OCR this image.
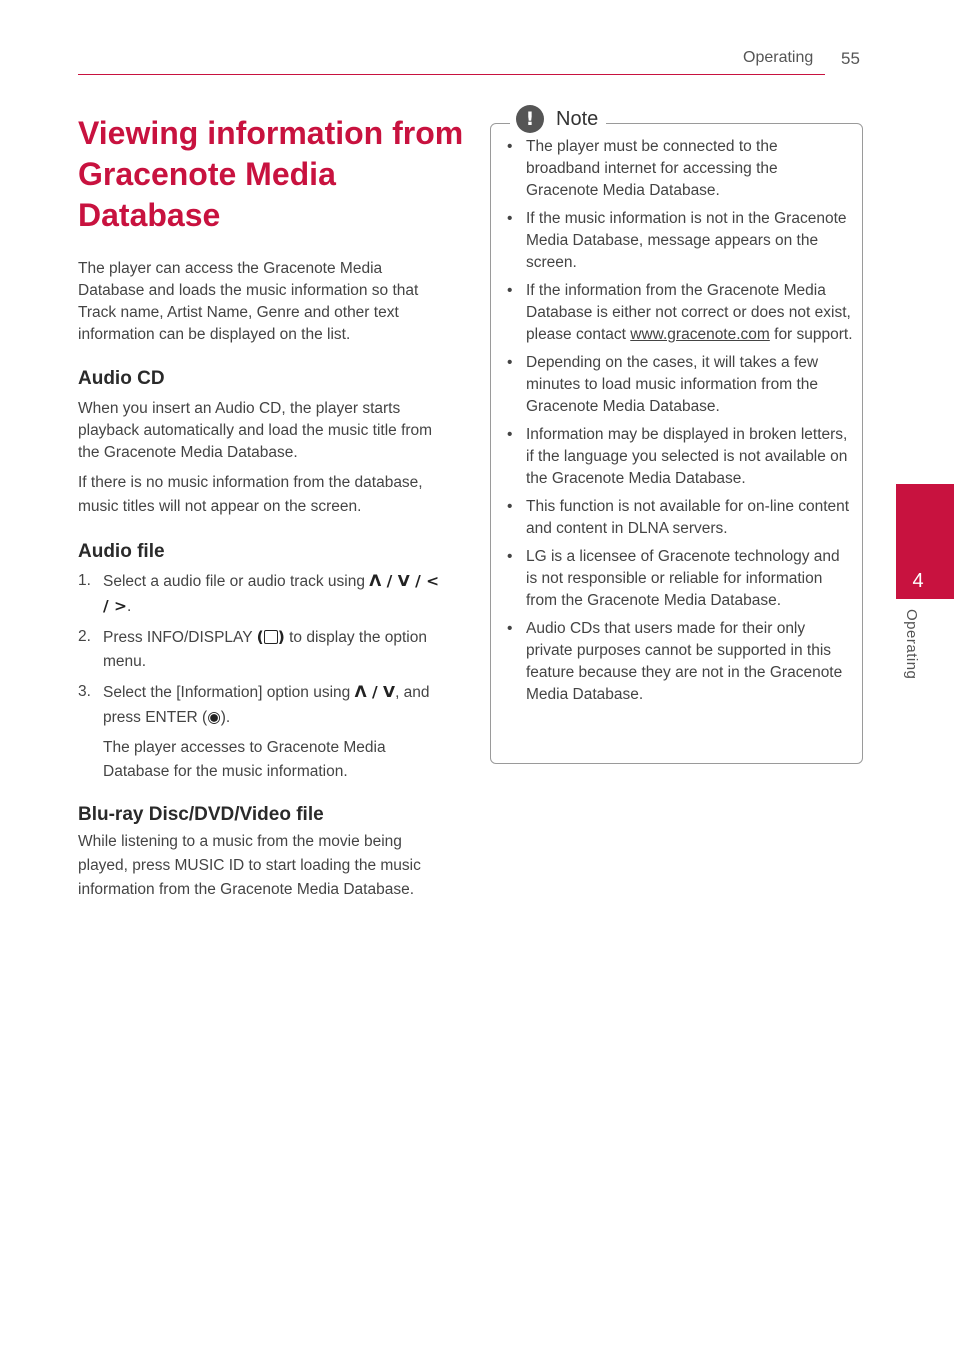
Operating 55
Viewing information from Gracenote Media Database

The player can access the Gracenote Media Database and loads the music information so that Track name, Artist Name, Genre and other text information can be displayed on the list.

Audio CD

When you insert an Audio CD, the player starts playback automatically and load the music title from the Gracenote Media Database.

If there is no music information from the database, music titles will not appear on the screen.

Audio file
1. Select a audio file or audio track using Λ / V / < / >.
2. Press INFO/DISPLAY ( ) to display the option menu.
3. Select the [Information] option using Λ / V, and press ENTER (◉).

The player accesses to Gracenote Media Database for the music information.

Blu-ray Disc/DVD/Video file

While listening to a music from the movie being played, press MUSIC ID to start loading the music information from the Gracenote Media Database.

!	Note
• The player must be connected to the broadband internet for accessing the Gracenote Media Database.
• If the music information is not in the Gracenote Media Database, message appears on the screen.
• If the information from the Gracenote Media Database is either not correct or does not exist, please contact www.gracenote.com for support.
• Depending on the cases, it will takes a few minutes to load music information from the Gracenote Media Database.
• Information may be displayed in broken letters, if the language you selected is not available on the Gracenote Media Database.
• This function is not available for on-line content and content in DLNA servers.
• LG is a licensee of Gracenote technology and is not responsible or reliable for information from the Gracenote Media Database.
• Audio CDs that users made for their only private purposes cannot be supported in this feature because they are not in the Gracenote Media Database.
4
Operating
